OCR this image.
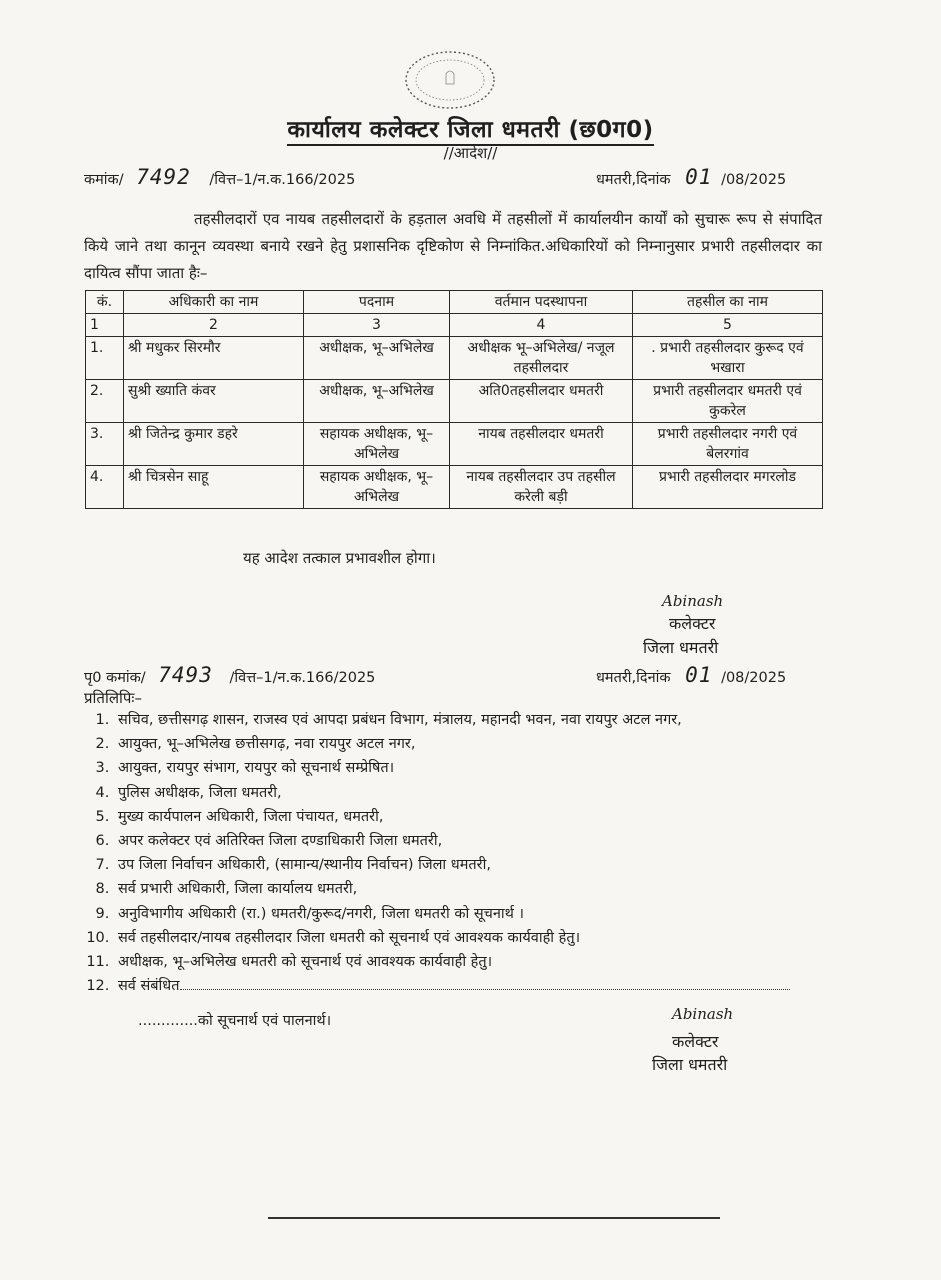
कार्यालय कलेक्टर जिला धमतरी (छ0ग0)
//आदेश//
कमांक/ 7492 /वित्त–1/न.क.166/2025	धमतरी,दिनांक 01 /08/2025
तहसीलदारों एव नायब तहसीलदारों के हड़ताल अवधि में तहसीलों में कार्यालयीन कार्यों को सुचारू रूप से संपादित किये जाने तथा कानून व्यवस्था बनाये रखने हेतु प्रशासनिक दृष्टिकोण से निम्नांकित.अधिकारियों को निम्नानुसार प्रभारी तहसीलदार का दायित्व सौंपा जाता हैः–
कं.	अधिकारी का नाम	पदनाम	वर्तमान पदस्थापना	तहसील का नाम
1	2	3	4	5
1.	श्री मधुकर सिरमौर	अधीक्षक, भू–अभिलेख	अधीक्षक भू–अभिलेख/ नजूल तहसीलदार	. प्रभारी तहसीलदार कुरूद एवं भखारा
2.	सुश्री ख्याति कंवर	अधीक्षक, भू–अभिलेख	अति0तहसीलदार धमतरी	प्रभारी तहसीलदार धमतरी एवं कुकरेल
3.	श्री जितेन्द्र कुमार डहरे	सहायक अधीक्षक, भू–अभिलेख	नायब तहसीलदार धमतरी	प्रभारी तहसीलदार नगरी एवं बेलरगांव
4.	श्री चित्रसेन साहू	सहायक अधीक्षक, भू–अभिलेख	नायब तहसीलदार उप तहसील करेली बड़ी	प्रभारी तहसीलदार मगरलोड
यह आदेश तत्काल प्रभावशील होगा।
Abinash
कलेक्टर
जिला धमतरी
पृ0 कमांक/ 7493 /वित्त–1/न.क.166/2025	धमतरी,दिनांक 01 /08/2025
प्रतिलिपिः–
1. सचिव, छत्तीसगढ़ शासन, राजस्व एवं आपदा प्रबंधन विभाग, मंत्रालय, महानदी भवन, नवा रायपुर अटल नगर,
2. आयुक्त, भू–अभिलेख छत्तीसगढ़, नवा रायपुर अटल नगर,
3. आयुक्त, रायपुर संभाग, रायपुर को सूचनार्थ सम्प्रेषित।
4. पुलिस अधीक्षक, जिला धमतरी,
5. मुख्य कार्यपालन अधिकारी, जिला पंचायत, धमतरी,
6. अपर कलेक्टर एवं अतिरिक्त जिला दण्डाधिकारी जिला धमतरी,
7. उप जिला निर्वाचन अधिकारी, (सामान्य/स्थानीय निर्वाचन) जिला धमतरी,
8. सर्व प्रभारी अधिकारी, जिला कार्यालय धमतरी,
9. अनुविभागीय अधिकारी (रा.) धमतरी/कुरूद/नगरी, जिला धमतरी को सूचनार्थ ।
10. सर्व तहसीलदार/नायब तहसीलदार जिला धमतरी को सूचनार्थ एवं आवश्यक कार्यवाही हेतु।
11. अधीक्षक, भू–अभिलेख धमतरी को सूचनार्थ एवं आवश्यक कार्यवाही हेतु।
12. सर्व संबंधित
.............को सूचनार्थ एवं पालनार्थ।	Abinash
कलेक्टर
जिला धमतरी
